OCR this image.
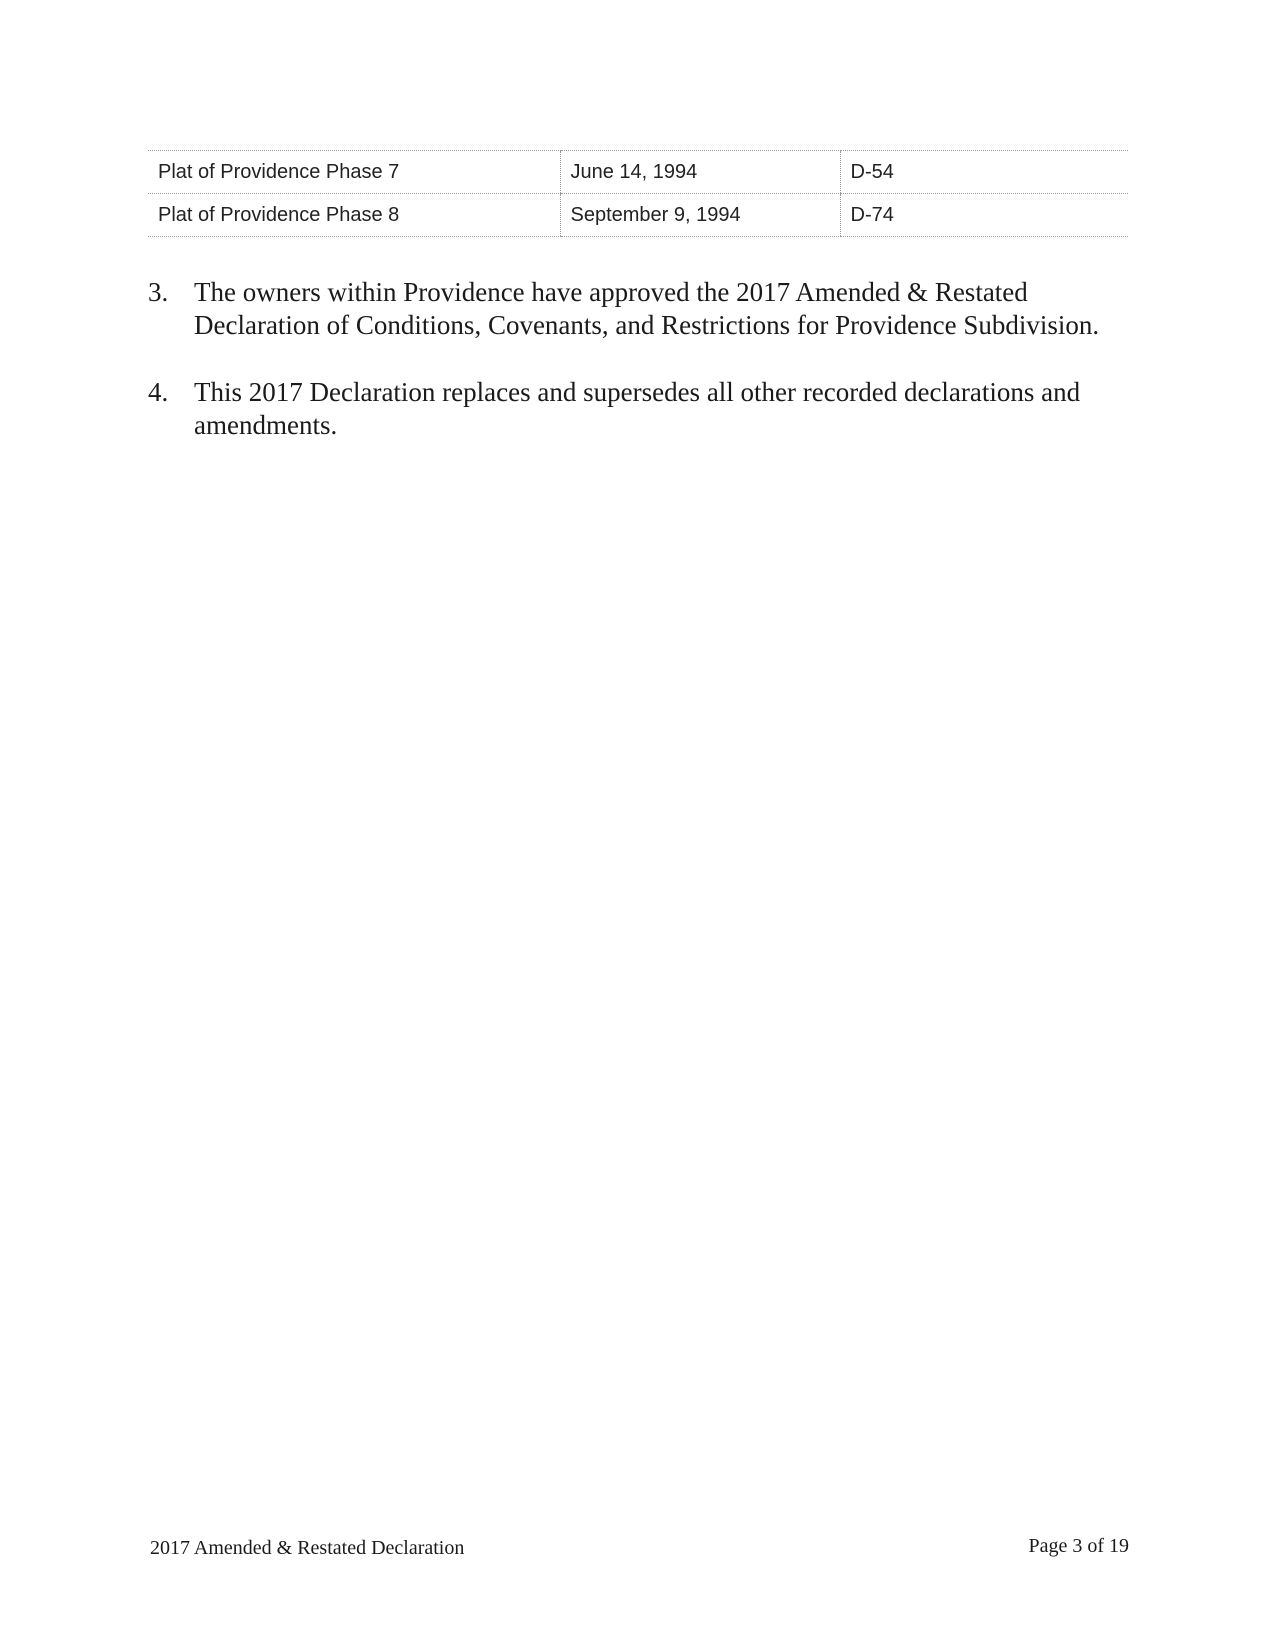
Plat of Providence Phase 7	June 14, 1994	D-54
Plat of Providence Phase 8	September 9, 1994	D-74
3. The owners within Providence have approved the 2017 Amended & Restated Declaration of Conditions, Covenants, and Restrictions for Providence Subdivision.
4. This 2017 Declaration replaces and supersedes all other recorded declarations and amendments.
2017 Amended & Restated Declaration	Page 3 of 19
